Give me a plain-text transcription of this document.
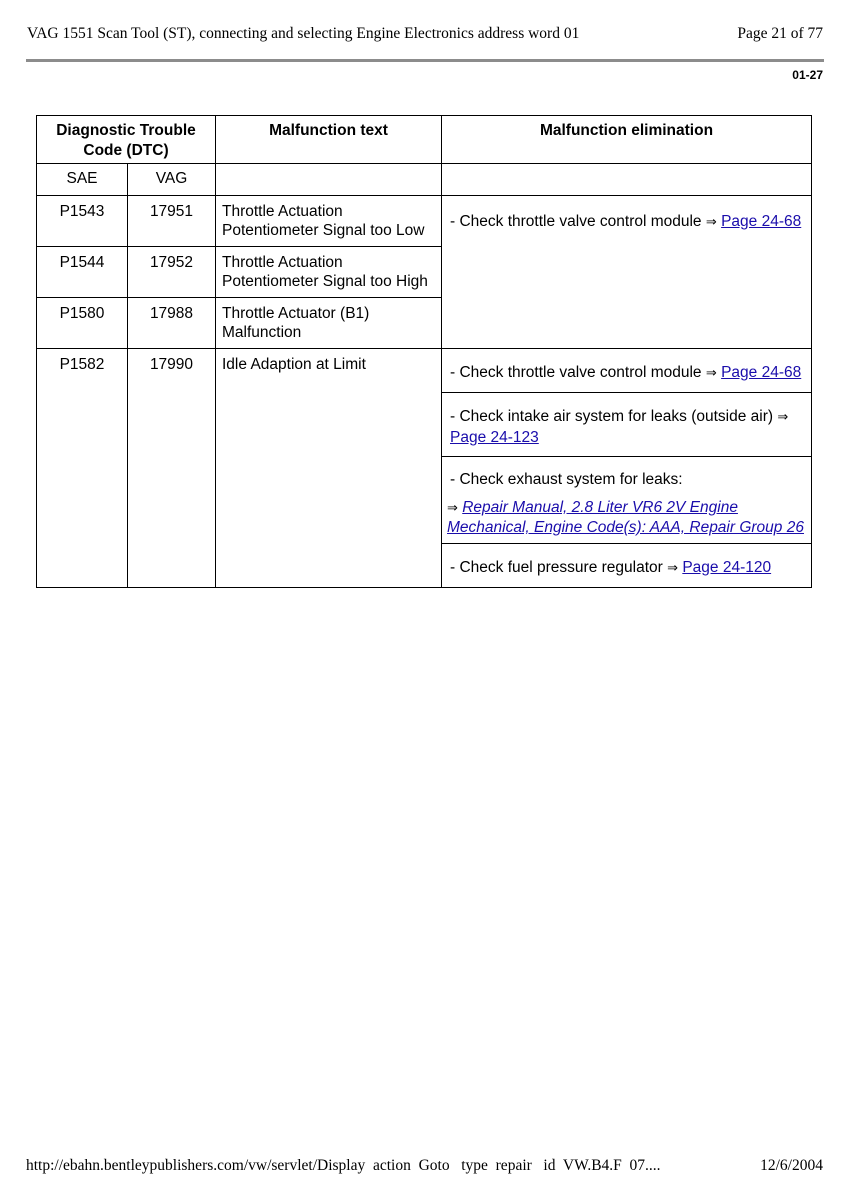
VAG 1551 Scan Tool (ST), connecting and selecting Engine Electronics address word 01	Page 21 of 77
01-27
Diagnostic Trouble Code (DTC)		Malfunction text	Malfunction elimination
SAE	VAG		
P1543	17951	Throttle Actuation Potentiometer Signal too Low	- Check throttle valve control module ⇒ Page 24-68
P1544	17952	Throttle Actuation Potentiometer Signal too High	
P1580	17988	Throttle Actuator (B1) Malfunction	
P1582	17990	Idle Adaption at Limit	- Check throttle valve control module ⇒ Page 24-68
			- Check intake air system for leaks (outside air) ⇒ Page 24-123

			- Check exhaust system for leaks:
⇒ Repair Manual, 2.8 Liter VR6 2V Engine Mechanical, Engine Code(s): AAA, Repair Group 26

			- Check fuel pressure regulator ⇒ Page 24-120
http://ebahn.bentleypublishers.com/vw/servlet/Display  action  Goto   type  repair   id  VW.B4.F  07....	12/6/2004
